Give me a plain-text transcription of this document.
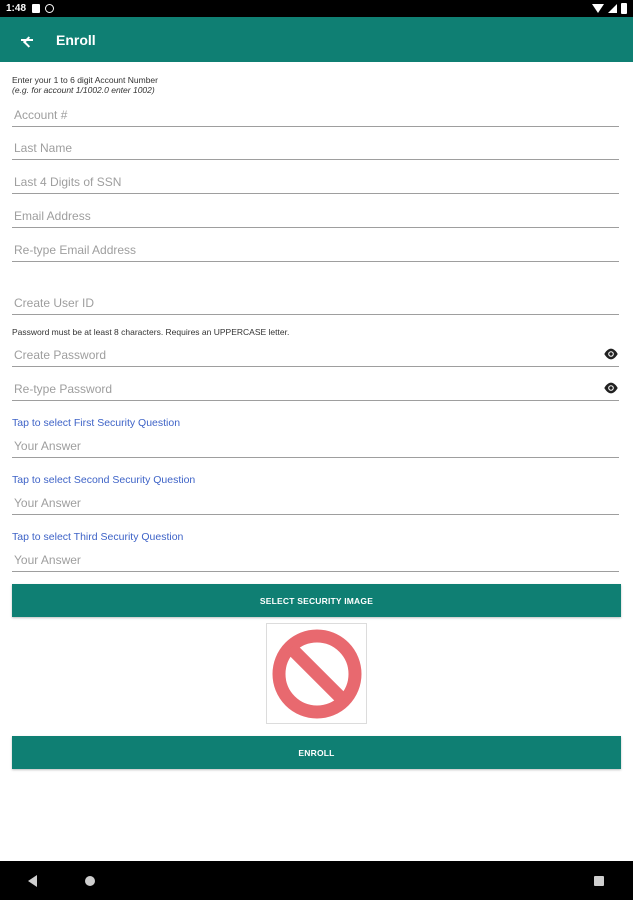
1:48
Enroll
Enter your 1 to 6 digit Account Number
(e.g. for account 1/1002.0 enter 1002)
Account #
Last Name
Last 4 Digits of SSN
Email Address
Re-type Email Address
Create User ID
Password must be at least 8 characters. Requires an UPPERCASE letter.
Tap to select First Security Question
Your Answer
Tap to select Second Security Question
Your Answer
Tap to select Third Security Question
Your Answer
SELECT SECURITY IMAGE
ENROLL
